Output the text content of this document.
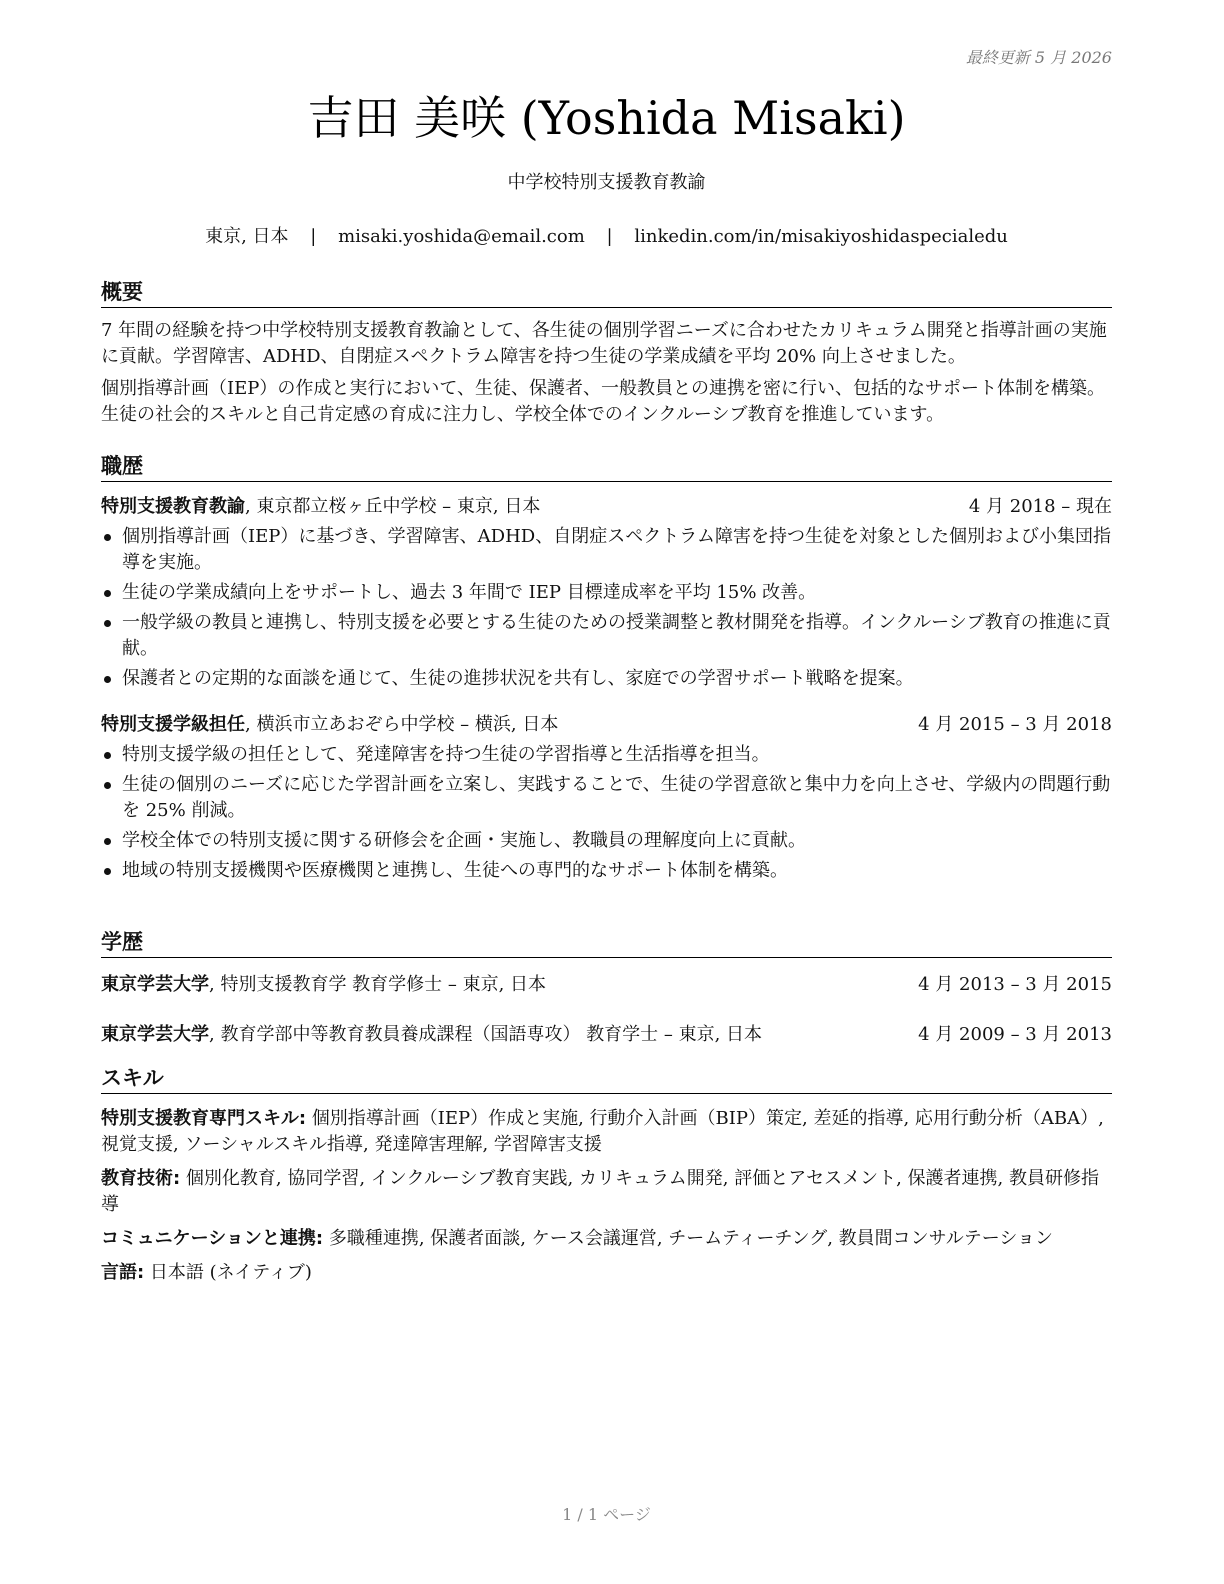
最終更新 5 月 2026
吉田 美咲 (Yoshida Misaki)
中学校特別支援教育教諭
東京, 日本 | misaki.yoshida@email.com | linkedin.com/in/misakiyoshidaspecialedu
概要

7 年間の経験を持つ中学校特別支援教育教諭として、各生徒の個別学習ニーズに合わせたカリキュラム開発と指導計画の実施に貢献。学習障害、ADHD、自閉症スペクトラム障害を持つ生徒の学業成績を平均 20% 向上させました。

個別指導計画（IEP）の作成と実行において、生徒、保護者、一般教員との連携を密に行い、包括的なサポート体制を構築。生徒の社会的スキルと自己肯定感の育成に注力し、学校全体でのインクルーシブ教育を推進しています。

職歴
特別支援教育教諭, 東京都立桜ヶ丘中学校 – 東京, 日本	4 月 2018 – 現在
個別指導計画（IEP）に基づき、学習障害、ADHD、自閉症スペクトラム障害を持つ生徒を対象とした個別および小集団指導を実施。
生徒の学業成績向上をサポートし、過去 3 年間で IEP 目標達成率を平均 15% 改善。
一般学級の教員と連携し、特別支援を必要とする生徒のための授業調整と教材開発を指導。インクルーシブ教育の推進に貢献。
保護者との定期的な面談を通じて、生徒の進捗状況を共有し、家庭での学習サポート戦略を提案。
特別支援学級担任, 横浜市立あおぞら中学校 – 横浜, 日本	4 月 2015 – 3 月 2018
特別支援学級の担任として、発達障害を持つ生徒の学習指導と生活指導を担当。
生徒の個別のニーズに応じた学習計画を立案し、実践することで、生徒の学習意欲と集中力を向上させ、学級内の問題行動を 25% 削減。
学校全体での特別支援に関する研修会を企画・実施し、教職員の理解度向上に貢献。
地域の特別支援機関や医療機関と連携し、生徒への専門的なサポート体制を構築。
学歴
東京学芸大学, 特別支援教育学 教育学修士 – 東京, 日本	4 月 2013 – 3 月 2015
東京学芸大学, 教育学部中等教育教員養成課程（国語専攻） 教育学士 – 東京, 日本	4 月 2009 – 3 月 2013
スキル
特別支援教育専門スキル: 個別指導計画（IEP）作成と実施, 行動介入計画（BIP）策定, 差延的指導, 応用行動分析（ABA）, 視覚支援, ソーシャルスキル指導, 発達障害理解, 学習障害支援
教育技術: 個別化教育, 協同学習, インクルーシブ教育実践, カリキュラム開発, 評価とアセスメント, 保護者連携, 教員研修指導
コミュニケーションと連携: 多職種連携, 保護者面談, ケース会議運営, チームティーチング, 教員間コンサルテーション
言語: 日本語 (ネイティブ)
1 / 1 ページ
